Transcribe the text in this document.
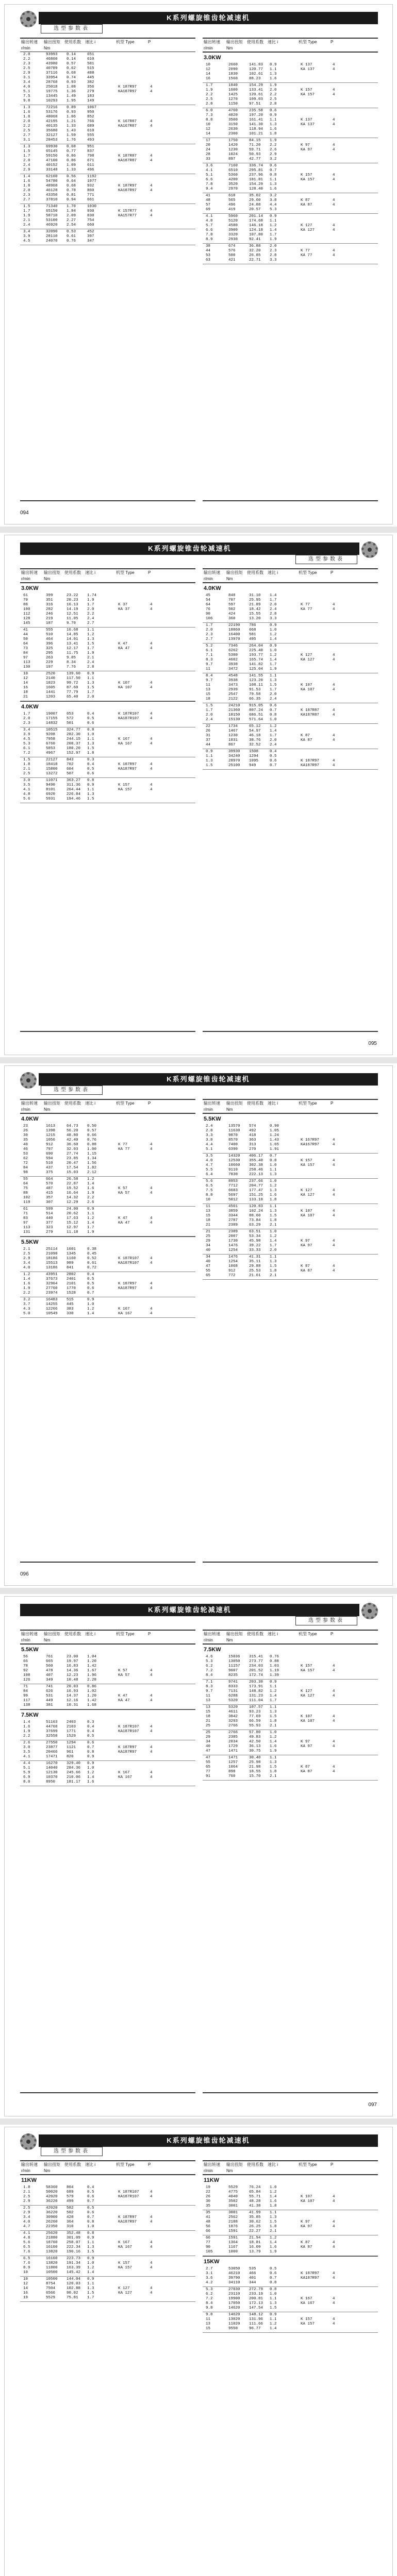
K系列螺旋锥齿轮减速机
选型参数表
输出转速 r/min
输出扭矩 Nm
使用系数	速比 i	机型 Type	P
2.0	93993	0.14	651
2.2	46860	0.14	610
2.3	43980	0.57	581
2.5	40709	0.62	515
2.9	37116	0.68	488
3.1	33954	0.74	445
3.4	28768	0.93	382
4.0	25018	1.08	356	K 187R97	4
5.1	19775	1.36	279	KA187R97	4
7.5	13445	1.49	183
9.8	10293	1.95	149
1.3	72216	0.89	1067
1.6	53176	0.93	950
1.8	48068	1.06	852
2.0	42195	1.21	766	K 167R87	4
2.2	40135	1.33	689	KA167R87	4
2.5	35680	1.43	610
2.7	32127	1.59	555
3.1	28453	1.76	493
1.3	69930	0.68	951
1.5	65145	0.77	837
1.7	59156	0.86	798	K 187R87	4
2.0	47100	0.86	671	KA187R87	4
2.4	40152	1.09	611
2.9	33148	1.33	496
1.4	62160	0.56	1192
1.6	54780	0.64	1077
1.8	48968	0.68	932	K 187R97	4
2.0	46128	0.78	860	KA187R97	4
2.3	43350	0.81	771
2.7	37810	0.94	661
1.5	71340	1.70	1030
1.7	65150	1.84	930	K 157R77	4
1.9	58710	2.09	830	KA157R77	4
2.1	53100	2.27	754
2.4	46920	2.54	660
3.4	32090	0.53	452
3.9	28110	0.61	397
4.5	24070	0.76	347
输出转速 r/min
输出扭矩 Nm
使用系数	速比 i	机型 Type	P
3.0KW
10	2660	141.83	0.9	K 137	4
12	2090	120.77	1.1	KA 137	4
14	1830	102.61	1.3
16	1560	88.23	1.6
1.7	1840	154.29	1.9
1.9	1600	133.41	2.0	K 157	4
2.2	1425	120.61	2.2	KA 157	4
2.5	1270	109.03	2.5
2.8	1150	97.51	2.8
6.0	4760	235.58	0.6
7.3	4020	197.20	0.9
8.8	3500	161.41	1.1	K 137	4
10	3150	141.30	1.3	KA 137	4
12	2630	118.94	1.6
14	2300	101.21	1.8
17	1750	84.15	1.9
20	1420	71.20	2.2	K 97	4
24	1230	59.71	2.6	KA 97	4
28	1024	50.93	2.9
33	897	42.77	3.2
3.6	7160	336.74	0.6
4.1	6510	295.81	0.7
5.1	5360	237.96	0.8	K 157	4
6.6	4200	181.81	1.1	KA 157	4
7.8	3520	154.29	1.3
9.4	2970	128.40	1.6
41	618	35.02	3.2
48	565	29.60	3.8	K 87	4
57	496	24.88	4.4	KA 87	4
69	419	20.57	5.3
4.1	5960	201.14	0.9
4.8	5120	174.68	1.1
5.7	4580	146.18	1.2	K 127	4
6.6	3900	124.18	1.4	KA 127	4
7.8	3320	107.80	1.7
8.9	2930	92.41	1.9
38	674	36.88	2.0
44	576	32.20	2.3	K 77	4
53	500	26.85	2.8	KA 77	4
63	421	22.71	3.3
094
K系列螺旋锥齿轮减速机
选型参数表
输出转速 r/min
输出扭矩 Nm
使用系数	速比 i	机型 Type	P
3.0KW
61	399	23.22	1.74
70	351	20.23	1.9
88	316	16.13	1.7	K 37	4
100	282	14.19	2.0	KA 37	4
112	246	12.51	2.2
128	219	11.05	2.4
145	187	9.70	2.7
41	555	16.68	1.1
44	510	14.85	1.2
50	464	14.01	1.3
64	396	13.41	1.5	K 47	4
73	325	12.17	1.7	KA 47	4
84	295	11.75	1.9
97	263	9.85	2.1
113	229	8.34	2.4
130	197	7.76	2.8
10	2520	139.60	0.9
12	2140	117.50	1.1
14	1823	99.72	1.3	K 107	4
16	1605	87.60	1.5	KA 107	4
18	1441	77.79	1.7
21	1203	65.40	2.0
4.0KW
1.7	19007	653	0.4	K 187R107	4
2.0	17155	572	0.5	KA187R107	4
2.3	14832	501	0.6
3.4	10515	324.77	0.8
3.9	9208	282.30	1.0
4.5	7958	244.15	1.1	K 167	4
5.3	6760	208.37	1.3	KA 167	4
6.1	5853	180.20	1.5
7.2	4967	152.97	1.8
1.5	22127	843	0.3
1.8	18418	702	0.4	K 187R97	4
2.1	15800	604	0.5	KA187R97	4
2.5	13272	507	0.6
3.0	11071	363.27	0.8
3.5	9490	311.36	0.9	K 157	4
4.1	8101	264.44	1.1	KA 157	4
4.8	6920	226.84	1.3
5.6	5931	194.46	1.5
输出转速 r/min
输出扭矩 Nm
使用系数	速比 i	机型 Type	P
4.0KW
45	848	31.10	1.4
54	707	25.95	1.7
64	597	21.89	2.0	K 77	4
76	502	18.42	2.4	KA 77	4
90	424	15.55	2.8
106	360	13.20	3.3
1.7	22190	786	0.9
2.0	18860	668	1.0
2.3	16400	581	1.2
2.7	13970	495	1.4
5.2	7346	264.04	0.9
6.1	6262	225.40	1.0
7.1	5380	193.77	1.2	K 127	4
8.3	4602	165.74	1.4	KA 127	4
9.7	3938	141.82	1.7
11	3472	125.04	1.9
8.4	4548	141.55	1.1
9.7	3938	123.20	1.3
11	3473	108.11	1.5	K 107	4
13	2939	91.53	1.7	KA 107	4
15	2547	79.58	2.0
18	2122	66.35	2.4
1.5	24210	915.05	0.6
1.7	21360	807.24	0.7	K 187R87	4
2.0	18150	686.51	0.8	KA187R87	4
2.4	15130	571.64	1.0
22	1734	65.12	1.2
26	1467	54.97	1.4
31	1230	46.18	1.7	K 87	4
37	1031	38.76	2.0	KA 87	4
44	867	32.52	2.4
0.9	39930	1508	0.4
1.1	34240	1294	0.5
1.3	28970	1095	0.6	K 187R97	4
1.5	25100	949	0.7	KA187R97	4
095
K系列螺旋锥齿轮减速机
选型参数表
输出转速 r/min
输出扭矩 Nm
使用系数	速比 i	机型 Type	P
4.0KW
23	1613	64.73	0.50
26	1398	56.20	0.57
30	1215	48.80	0.66
35	1056	42.40	0.76
40	912	36.60	0.88	K 77	4
46	797	32.03	1.00	KA 77	4
53	690	27.74	1.15
62	594	23.85	1.34
72	510	20.47	1.56
84	437	17.54	1.82
98	375	15.03	2.12
55	664	26.58	1.2
64	570	22.87	1.4
75	487	19.52	1.6	K 57	4
88	415	16.64	1.9	KA 57	4
102	357	14.32	2.2
119	307	12.29	2.6
61	599	24.00	0.9
71	514	20.62	1.1
83	440	17.63	1.2	K 47	4
97	377	15.12	1.4	KA 47	4
113	323	12.97	1.7
131	279	11.18	1.9
5.5KW
2.1	25114	1601	0.38
2.5	21098	1345	0.45
2.9	18186	1160	0.52	K 187R107	4
3.4	15513	989	0.61	KA187R107	4
4.0	13186	841	0.72
1.2	43951	2802	0.4
1.4	37673	2401	0.5
1.6	32964	2101	0.5	K 187R97	4
1.9	27760	1770	0.6	KA187R97	4
2.2	23974	1528	0.7
3.2	16483	515	0.9
3.7	14255	445	1.0
4.3	12266	383	1.2	K 167	4
5.0	10549	330	1.4	KA 167	4
输出转速 r/min
输出扭矩 Nm
使用系数	速比 i	机型 Type	P
5.5KW
2.4	13570	574	0.90
2.8	11630	492	1.05
3.3	9870	418	1.24
3.8	8570	363	1.43	K 167R97	4
4.4	7400	313	1.65	KA167R97	4
5.1	6390	270	1.91
3.5	14320	406.17	0.7
4.0	12530	355.40	0.8	K 157	4
4.7	10660	302.38	1.0	KA 157	4
5.5	9110	258.46	1.1
6.4	7830	222.13	1.3
5.6	8953	237.66	1.0
6.5	7712	204.77	1.2
7.5	6683	177.47	1.3	K 127	4
8.8	5697	151.25	1.6	KA 127	4
10	5012	133.10	1.8
11	4561	120.83	1.1
13	3859	102.24	1.3	K 107	4
15	3344	88.60	1.5	KA 107	4
18	2787	73.84	1.8
21	2389	63.29	2.1
21	2389	63.51	1.0
25	2007	53.34	1.2
29	1730	45.98	1.4	K 97	4
34	1476	39.22	1.7	KA 97	4
40	1254	33.33	2.0
34	1476	41.31	1.1
40	1254	35.11	1.3
47	1068	29.88	1.5	K 87	4
55	912	25.53	1.8	KA 87	4
65	772	21.61	2.1
096
K系列螺旋锥齿轮减速机
选型参数表
输出转速 r/min
输出扭矩 Nm
使用系数	速比 i	机型 Type	P
5.5KW
56	761	23.00	1.04
66	665	19.97	1.20
78	560	16.83	1.42
92	478	14.36	1.67	K 57	4
108	407	12.23	1.96	KA 57	4
126	349	10.48	2.28
71	741	20.03	0.86
84	626	16.93	1.02
99	531	14.37	1.20	K 47	4
117	449	12.16	1.42	KA 47	4
138	381	10.31	1.68
7.5KW
1.4	51163	2403	0.3
1.6	44768	2103	0.4	K 187R107	4
1.9	37699	1771	0.4	KA187R107	4
2.2	32558	1529	0.5
2.6	27550	1294	0.6
3.0	23877	1121	0.7	K 187R97	4
3.5	20466	961	0.8	KA187R97	4
4.1	17471	820	0.9
4.4	16270	329.40	0.9
5.1	14040	284.36	1.0
5.9	12130	245.66	1.2	K 167	4
6.9	10370	210.06	1.4	KA 167	4
8.0	8950	181.17	1.6
输出转速 r/min
输出扭矩 Nm
使用系数	速比 i	机型 Type	P
7.5KW
4.6	15036	315.41	0.76
5.3	13050	273.77	0.88
6.2	11157	234.03	1.03	K 157	4
7.2	9607	201.52	1.19	KA 157	4
8.4	8235	172.74	1.39
7.1	9741	203.30	0.9
8.3	8333	173.91	1.1
9.7	7131	148.82	1.2	K 127	4
11	6288	131.23	1.4	KA 127	4
13	5320	111.04	1.7
13	5320	107.57	1.1
15	4611	93.23	1.3
18	3842	77.69	1.5	K 107	4
21	3293	66.59	1.8	KA 107	4
25	2766	55.93	2.1
25	2766	57.80	1.0
29	2385	49.83	1.2
34	2034	42.50	1.4	K 97	4
40	1729	36.13	1.6	KA 97	4
47	1471	30.75	1.9
47	1471	30.40	1.1
55	1257	25.98	1.3
65	1064	21.98	1.5	K 87	4
77	898	18.55	1.8	KA 87	4
91	760	15.70	2.1
097
K系列螺旋锥齿轮减速机
选型参数表
输出转速 r/min
输出扭矩 Nm
使用系数	速比 i	机型 Type	P
11KW
1.8	58360	804	0.4
2.1	50020	689	0.5	K 187R107	4
2.5	42020	579	0.6	KA187R107	4
2.9	36220	499	0.7
2.5	42020	582	0.5
2.9	36220	502	0.6
3.4	30900	428	0.7	K 187R97	4
4.0	26260	364	0.8	KA187R97	4
4.7	22350	310	1.0
4.1	25620	352.48	0.8
4.8	21880	301.09	0.9
5.6	18760	258.07	1.1	K 167	4
6.5	16160	222.34	1.3	KA 167	4
7.6	13820	190.16	1.5
6.5	16160	223.73	0.9
7.6	13820	191.34	1.0	K 157	4
8.9	11800	163.39	1.2	KA 157	4
10	10500	145.42	1.4
10	10500	144.04	0.9
12	8754	120.03	1.1
14	7504	102.88	1.3	K 127	4
16	6566	90.02	1.5	KA 127	4
19	5529	75.81	1.7
输出转速 r/min
输出扭矩 Nm
使用系数	速比 i	机型 Type	P
11KW
19	5529	76.24	1.0
22	4775	65.84	1.2
26	4040	55.71	1.4	K 107	4
30	3502	48.28	1.6	KA 107	4
35	3001	41.38	1.8
35	3001	41.99	1.1
41	2562	35.85	1.3
48	2188	30.62	1.5	K 97	4
56	1876	26.25	1.8	KA 97	4
66	1591	22.27	2.1
66	1591	21.94	1.2
77	1364	18.81	1.4	K 87	4
90	1167	16.09	1.6	KA 87	4
105	1000	13.79	1.9
15KW
2.7	53050	535	0.5
3.1	46210	466	0.6	K 187R97	4
3.6	39790	401	0.7	KA187R97	4
4.2	34110	344	0.8
5.3	27030	272.79	0.8
6.2	23110	233.19	1.0
7.2	19900	200.81	1.1	K 167	4
8.4	17050	172.13	1.3	KA 167	4
9.8	14620	147.54	1.5
9.8	14620	148.12	0.9
11	13020	131.96	1.1	K 157	4
13	11020	111.66	1.2	KA 157	4
15	9550	96.77	1.4
